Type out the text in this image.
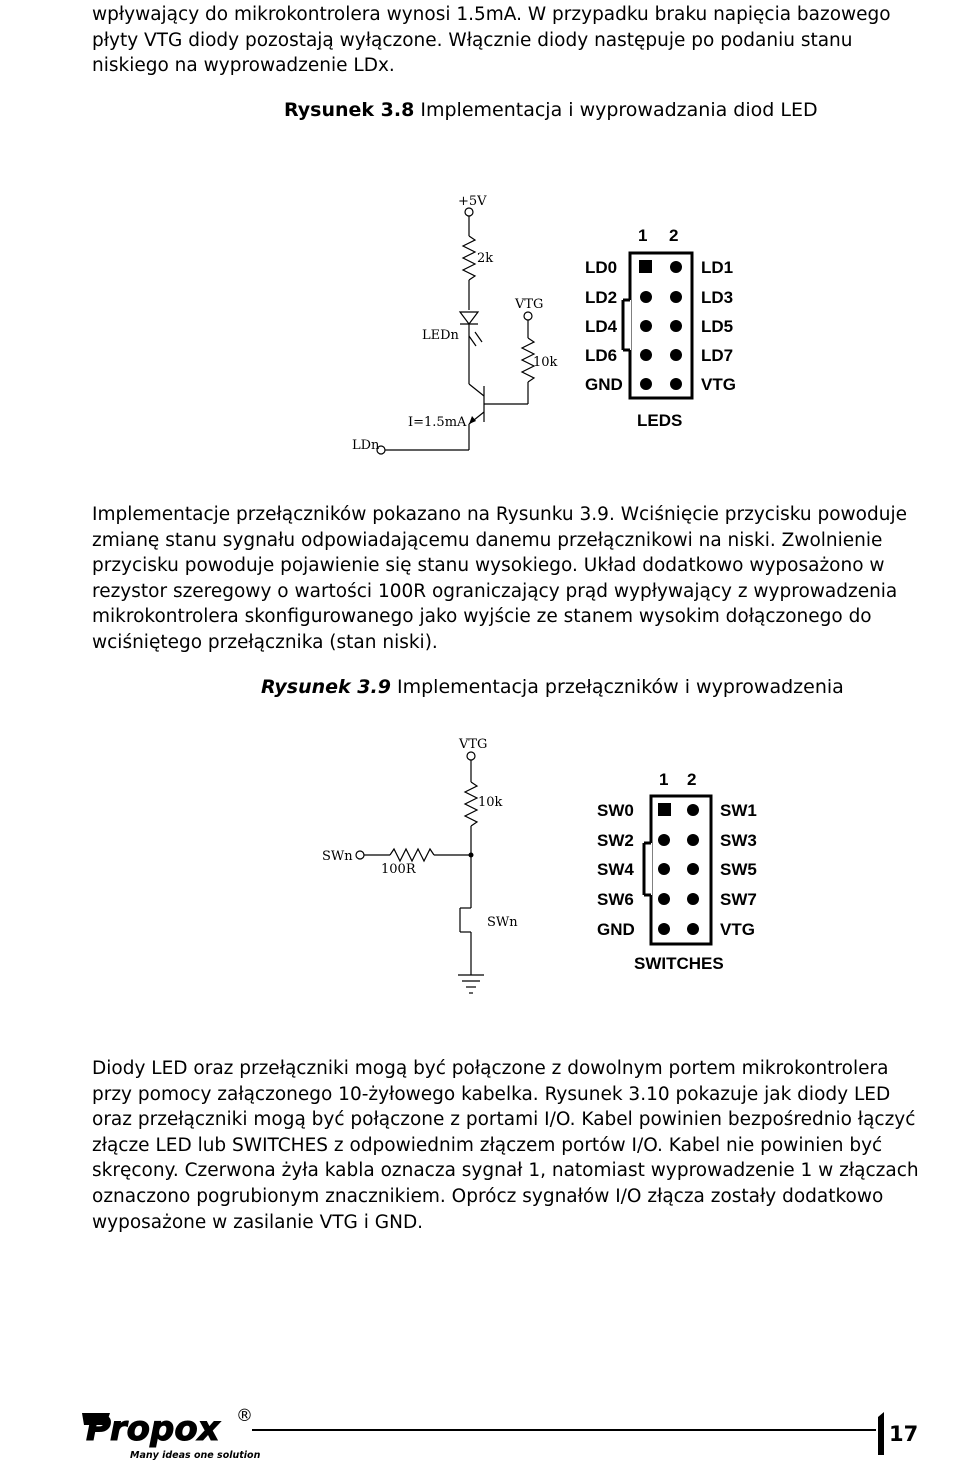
wpływający do mikrokontrolera wynosi 1.5mA. W przypadku braku napięcia bazowego
płyty VTG diody pozostają wyłączone. Włącznie diody następuje po podaniu stanu
niskiego na wyprowadzenie LDx.
Rysunek 3.8 Implementacja i wyprowadzania diod LED
+5V
2k
LEDn
VTG
10k
LDn
I=1.5mA
1 2
LD0
LD2
LD4
LD6
GND
LD1
LD3
LD5
LD7
VTG
LEDS
Implementacje przełączników pokazano na Rysunku 3.9. Wciśnięcie przycisku powoduje
zmianę stanu sygnału odpowiadającemu danemu przełącznikowi na niski. Zwolnienie
przycisku powoduje pojawienie się stanu wysokiego. Układ dodatkowo wyposażono w
rezystor szeregowy o wartości 100R ograniczający prąd wypływający z wyprowadzenia
mikrokontrolera skonfigurowanego jako wyjście ze stanem wysokim dołączonego do
wciśniętego przełącznika (stan niski).
Rysunek 3.9 Implementacja przełączników i wyprowadzenia
VTG
10k
SWn
100R
SWn
1 2
SW0
SW2
SW4
SW6
GND
SW1
SW3
SW5
SW7
VTG
SWITCHES
Diody LED oraz przełączniki mogą być połączone z dowolnym portem mikrokontrolera
przy pomocy załączonego 10-żyłowego kabelka. Rysunek 3.10 pokazuje jak diody LED
oraz przełączniki mogą być połączone z portami I/O. Kabel powinien bezpośrednio łączyć
złącze LED lub SWITCHES z odpowiednim złączem portów I/O. Kabel nie powinien być
skręcony. Czerwona żyła kabla oznacza sygnał 1, natomiast wyprowadzenie 1 w złączach
oznaczono pogrubionym znacznikiem. Oprócz sygnałów I/O złącza zostały dodatkowo
wyposażone w zasilanie VTG i GND.
Propox ®
Many ideas one solution
17
